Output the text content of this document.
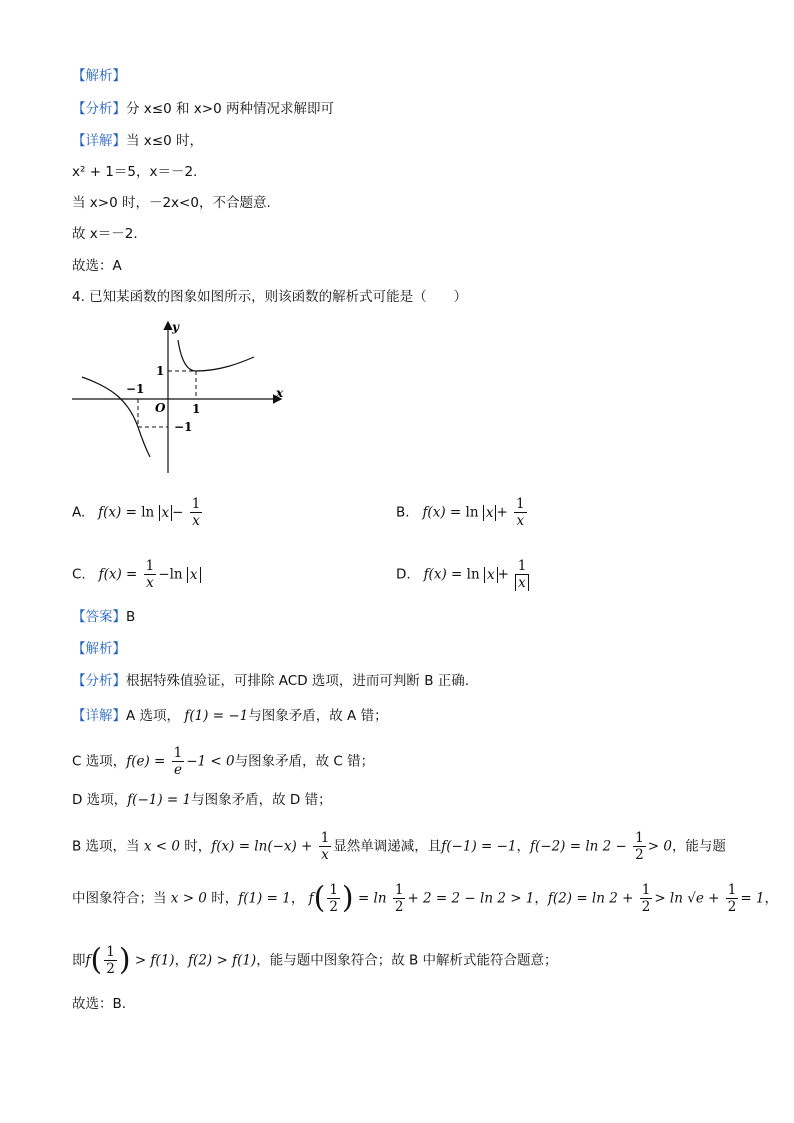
【解析】
【分析】分 x≤0 和 x>0 两种情况求解即可
【详解】当 x≤0 时，
x² + 1＝5，x＝－2.
当 x>0 时，－2x<0，不合题意.
故 x＝－2.
故选：A
4. 已知某函数的图象如图所示，则该函数的解析式可能是（　　）
y
x
O
−1
1
1
−1
A. $f(x) = \ln x - \frac{1}{x}$	B. $f(x) = \ln x + \frac{1}{x}$
C. $f(x) = \frac{1}{x} -\ln$ x	D. $f(x) = \ln x + \frac{1}{x}$
【答案】B
【解析】
【分析】根据特殊值验证，可排除 ACD 选项，进而可判断 B 正确.
【详解】A 选项， f(1) = −1与图象矛盾，故 A 错；
C 选项，$f(e) = \frac{1}{e} -1 < 0$与图象矛盾，故 C 错；
D 选项，f(−1) = 1与图象矛盾，故 D 错；
B 选项，当 x < 0 时，$f(x) = \ln(-x) + \frac{1}{x}$ 显然单调递减，且f(−1) = −1，$f(-2) = \ln 2 - \frac{1}{2} > 0$，能与题
中图象符合；当 x > 0 时，f(1) = 1， $f( \frac{1}{2}$ ) = $\ln \frac{1}{2} + 2 = 2 - \ln 2 > 1$，$f(2) = \ln 2 + \frac{1}{2} > \ln √e + \frac{1}{2} = 1$，
即$f( \frac{1}{2}$ ) > f(1)，f(2) > f(1)，能与题中图象符合；故 B 中解析式能符合题意；
故选：B.
